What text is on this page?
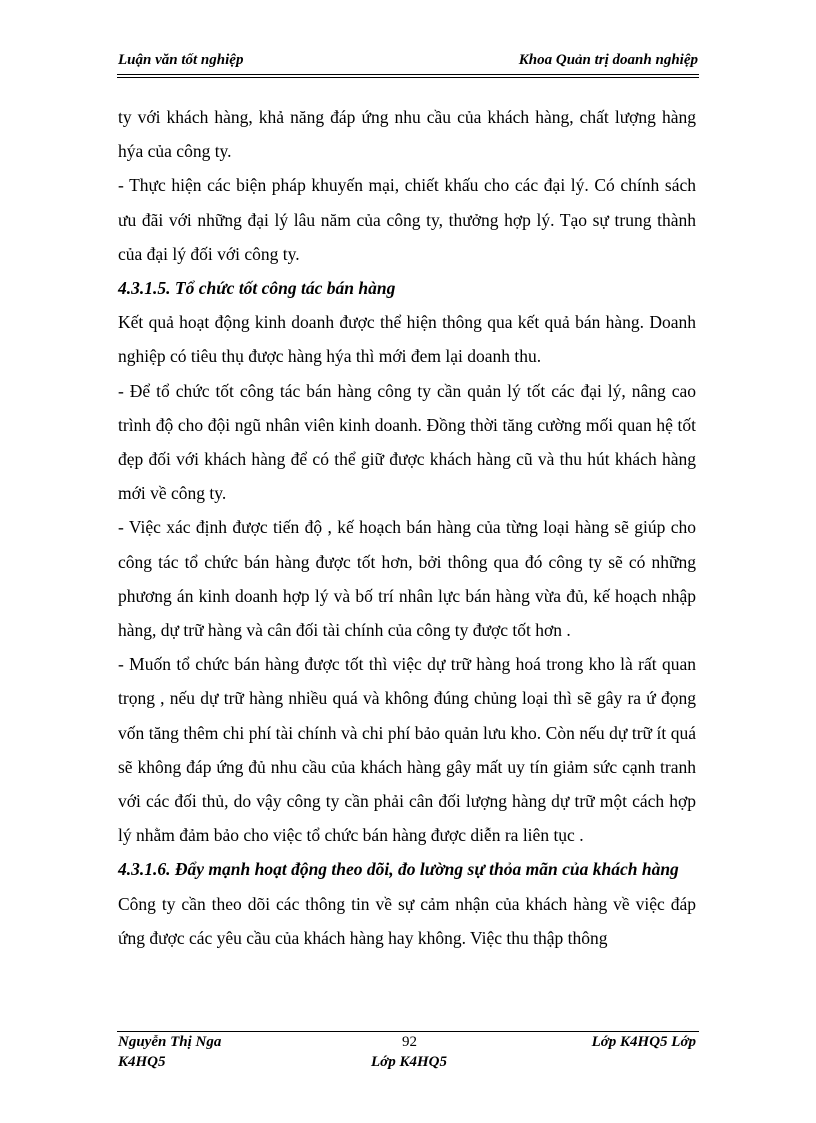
Luận văn tốt nghiệp	Khoa Quản trị doanh nghiệp

ty với khách hàng, khả năng đáp ứng nhu cầu của khách hàng, chất lượng hàng hýa của công ty.

- Thực hiện các biện pháp khuyến mại, chiết khấu cho các đại lý. Có chính sách ưu đãi với những đại lý lâu năm của công ty, thưởng hợp lý. Tạo sự trung thành của đại lý đối với công ty.

4.3.1.5. Tổ chức tốt công tác bán hàng

Kết quả hoạt động kinh doanh được thể hiện thông qua kết quả bán hàng. Doanh nghiệp có tiêu thụ được hàng hýa thì mới đem lại doanh thu.

- Để tổ chức tốt công tác bán hàng công ty cần quản lý tốt các đại lý, nâng cao trình độ cho đội ngũ nhân viên kinh doanh. Đồng thời tăng cường mối quan hệ tốt đẹp đối với khách hàng để có thể giữ được khách hàng cũ và thu hút khách hàng mới về công ty.

- Việc xác định được tiến độ , kế hoạch bán hàng của từng loại hàng sẽ giúp cho công tác tổ chức bán hàng được tốt hơn, bởi thông qua đó công ty sẽ có những phương án kinh doanh hợp lý và bố trí nhân lực bán hàng vừa đủ, kế hoạch nhập hàng, dự trữ hàng và cân đối tài chính của công ty được tốt hơn .

- Muốn tổ chức bán hàng được tốt thì việc dự trữ hàng hoá trong kho là rất quan trọng , nếu dự trữ hàng nhiều quá và không đúng chủng loại thì sẽ gây ra ứ đọng vốn tăng thêm chi phí tài chính và chi phí bảo quản lưu kho. Còn nếu dự trữ ít quá sẽ không đáp ứng đủ nhu cầu của khách hàng gây mất uy tín giảm sức cạnh tranh với các đối thủ, do vậy công ty cần phải cân đối lượng hàng dự trữ một cách hợp lý nhằm đảm bảo cho việc tổ chức bán hàng được diễn ra liên tục .

4.3.1.6. Đẩy mạnh hoạt động theo dõi, đo lường sự thỏa mãn của khách hàng

Công ty cần theo dõi các thông tin về sự cảm nhận của khách hàng về việc đáp ứng được các yêu cầu của khách hàng hay không. Việc thu thập thông

Nguyễn Thị Nga	92	Lớp K4HQ5 Lớp
K4HQ5	Lớp K4HQ5
